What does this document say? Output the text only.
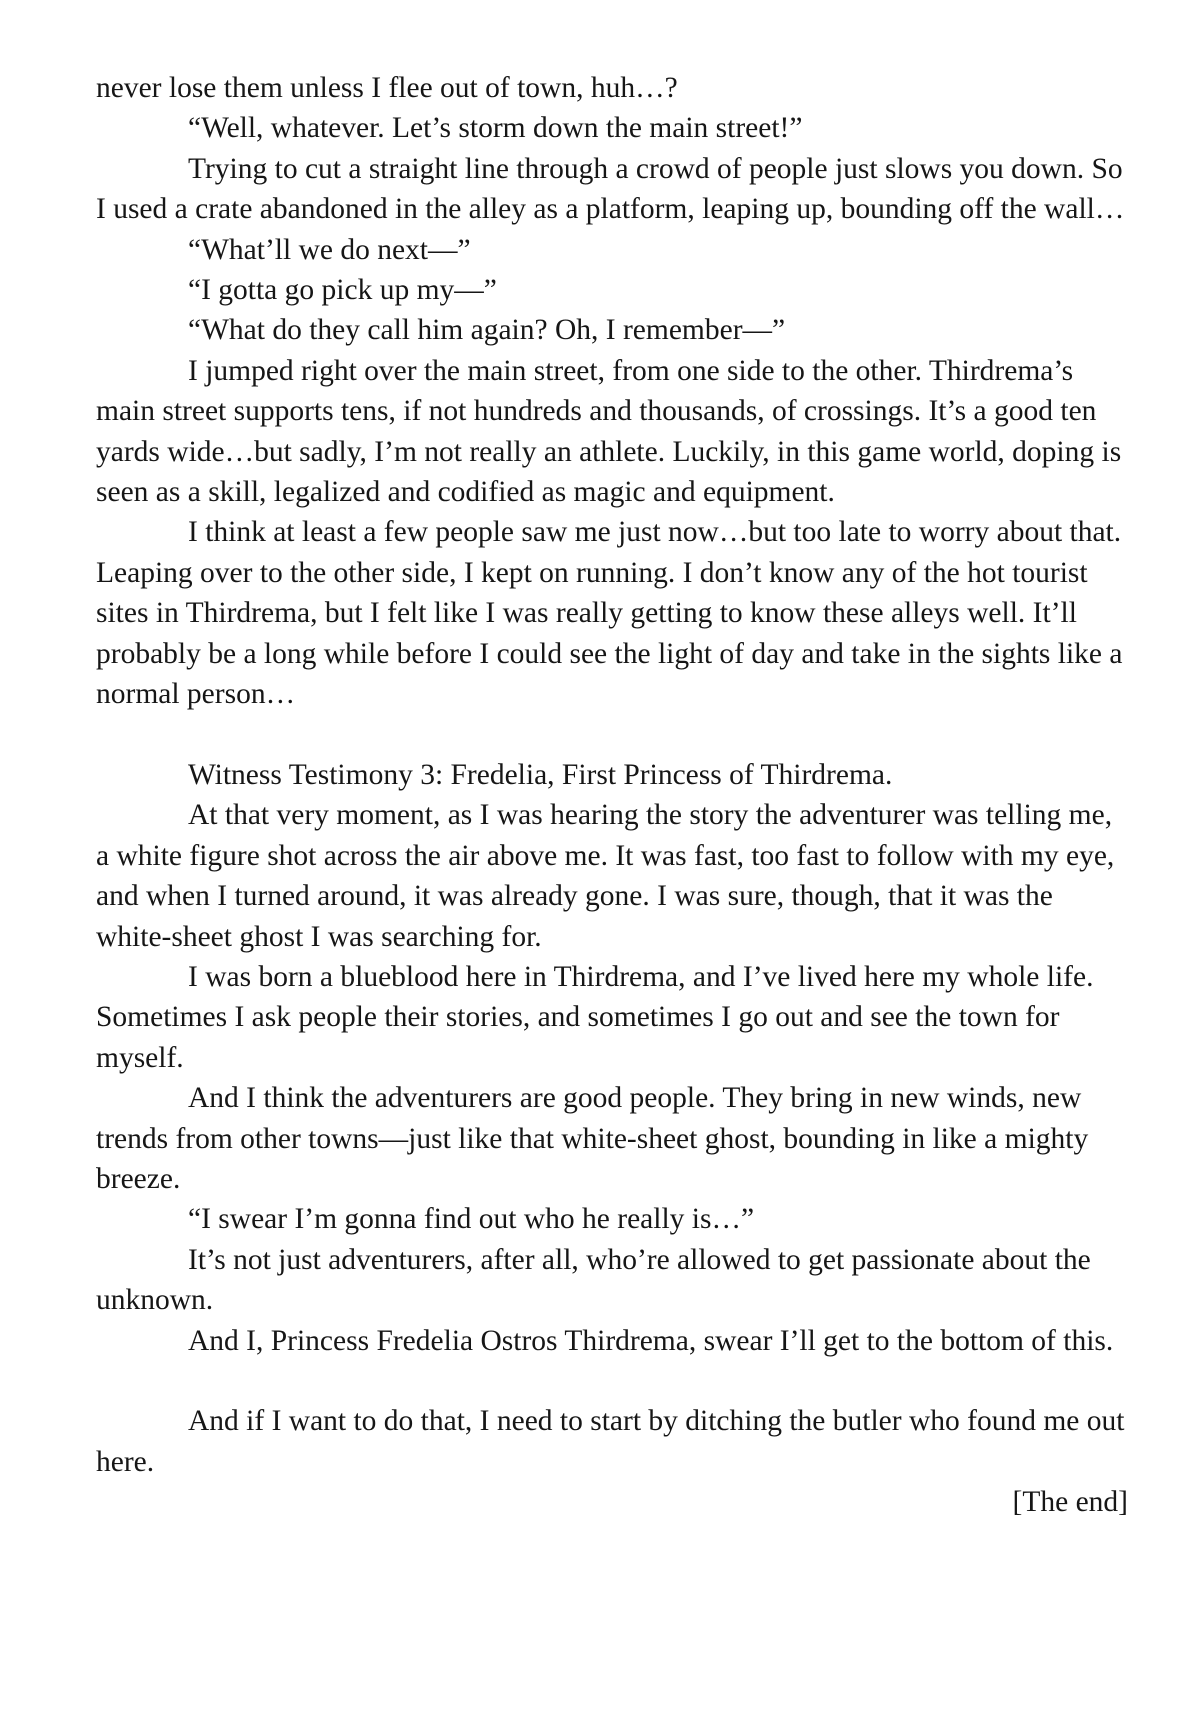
never lose them unless I flee out of town, huh…?

“Well, whatever. Let’s storm down the main street!”

Trying to cut a straight line through a crowd of people just slows you down. So I used a crate abandoned in the alley as a platform, leaping up, bounding off the wall…

“What’ll we do next—”

“I gotta go pick up my—”

“What do they call him again? Oh, I remember—”

I jumped right over the main street, from one side to the other. Thirdrema’s main street supports tens, if not hundreds and thousands, of crossings. It’s a good ten yards wide…but sadly, I’m not really an athlete. Luckily, in this game world, doping is seen as a skill, legalized and codified as magic and equipment.

I think at least a few people saw me just now…but too late to worry about that. Leaping over to the other side, I kept on running. I don’t know any of the hot tourist sites in Thirdrema, but I felt like I was really getting to know these alleys well. It’ll probably be a long while before I could see the light of day and take in the sights like a normal person…

Witness Testimony 3: Fredelia, First Princess of Thirdrema.

At that very moment, as I was hearing the story the adventurer was telling me, a white figure shot across the air above me. It was fast, too fast to follow with my eye, and when I turned around, it was already gone. I was sure, though, that it was the white-sheet ghost I was searching for.

I was born a blueblood here in Thirdrema, and I’ve lived here my whole life. Sometimes I ask people their stories, and sometimes I go out and see the town for myself.

And I think the adventurers are good people. They bring in new winds, new trends from other towns—just like that white-sheet ghost, bounding in like a mighty breeze.

“I swear I’m gonna find out who he really is…”

It’s not just adventurers, after all, who’re allowed to get passionate about the unknown.

And I, Princess Fredelia Ostros Thirdrema, swear I’ll get to the bottom of this.

And if I want to do that, I need to start by ditching the butler who found me out here.

[The end]
